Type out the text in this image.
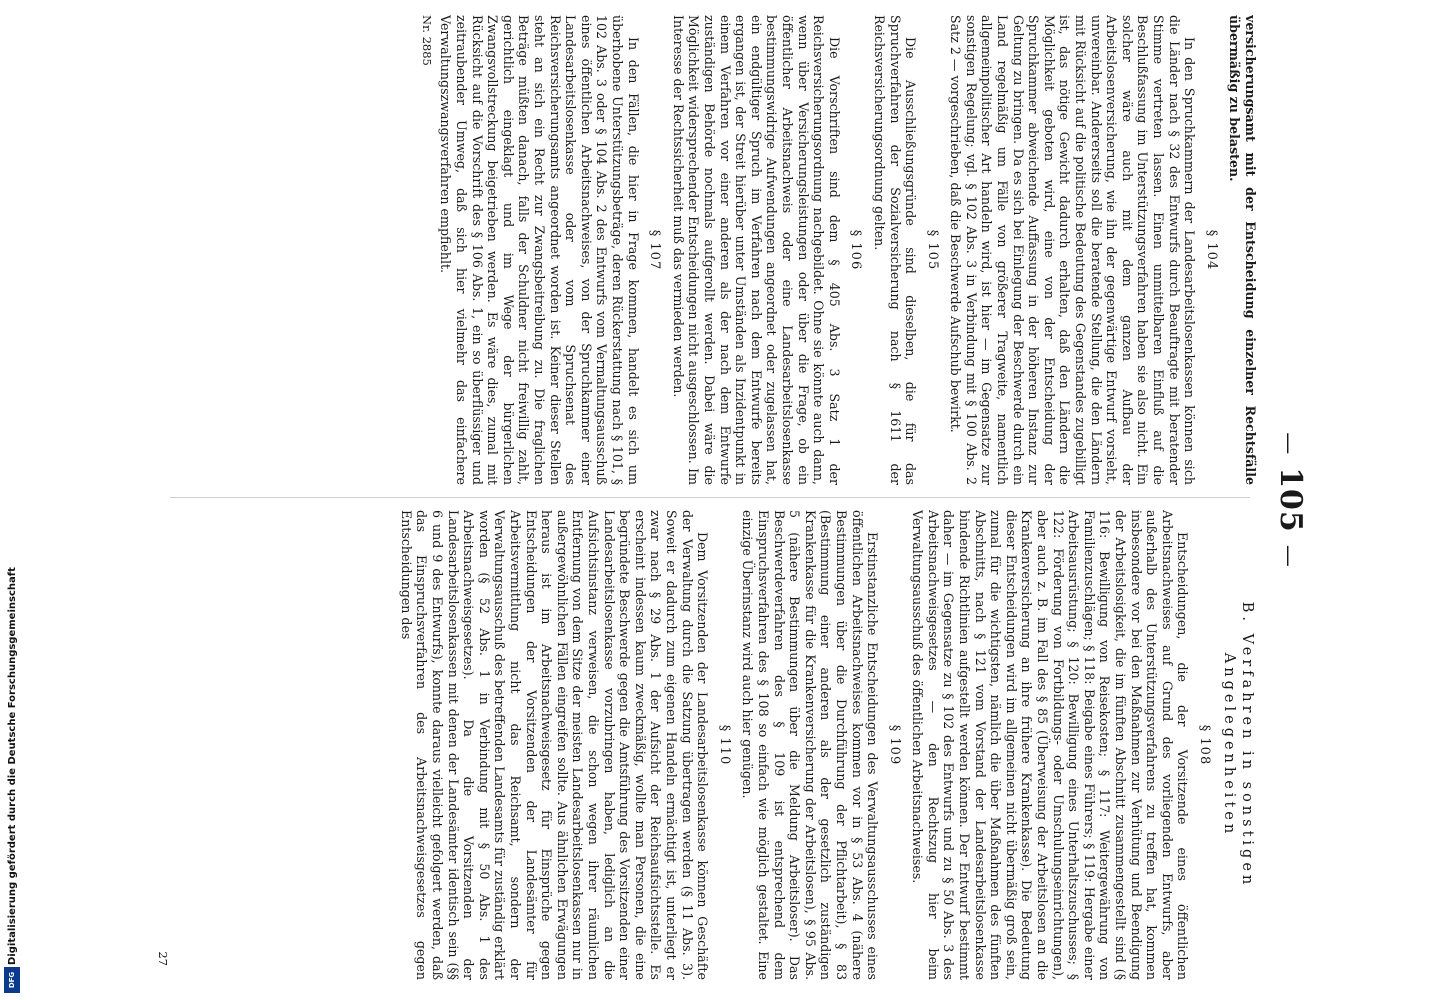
Digitalisierung gefördert durch die Deutsche Forschungsgemeinschaft
DFG
—105—

versicherungsamt mit der Entscheidung einzelner Rechtsfälle übermäßig zu belasten.

§ 104

In den Spruchkammern der Landesarbeitslosenkassen können sich die Länder nach § 32 des Entwurfs durch Beauftragte mit beratender Stimme vertreten lassen. Einen unmittelbaren Einfluß auf die Beschlußfassung im Unterstützungsverfahren haben sie also nicht. Ein solcher wäre auch mit dem ganzen Aufbau der Arbeitslosenversicherung, wie ihn der gegenwärtige Entwurf vorsieht, unvereinbar. Andererseits soll die beratende Stellung, die den Ländern mit Rücksicht auf die politische Bedeutung des Gegenstandes zugebilligt ist, das nötige Gewicht dadurch erhalten, daß den Ländern die Möglichkeit geboten wird, eine von der Entscheidung der Spruchkammer abweichende Auffassung in der höheren Instanz zur Geltung zu bringen. Da es sich bei Einlegung der Beschwerde durch ein Land regelmäßig um Fälle von größerer Tragweite, namentlich allgemeinpolitischer Art handeln wird, ist hier — im Gegensatze zur sonstigen Regelung; vgl. § 102 Abs. 3 in Verbindung mit § 100 Abs. 2 Satz 2 — vorgeschrieben, daß die Beschwerde Aufschub bewirkt.

§ 105

Die Ausschließungsgründe sind dieselben, die für das Spruchverfahren der Sozialversicherung nach § 1611 der Reichsversicherungsordnung gelten.

§ 106

Die Vorschriften sind dem § 405 Abs. 3 Satz 1 der Reichsversicherungsordnung nachgebildet. Ohne sie könnte auch dann, wenn über Versicherungsleistungen oder über die Frage, ob ein öffentlicher Arbeitsnachweis oder eine Landesarbeitslosenkasse bestimmungswidrige Aufwendungen angeordnet oder zugelassen hat, ein endgültiger Spruch im Verfahren nach dem Entwurfe bereits ergangen ist, der Streit hierüber unter Umständen als Inzidentpunkt in einem Verfahren vor einer anderen als der nach dem Entwurfe zuständigen Behörde nochmals aufgerollt werden. Dabei wäre die Möglichkeit widersprechender Entscheidungen nicht ausgeschlossen. Im Interesse der Rechtssicherheit muß das vermieden werden.

§ 107

In den Fällen, die hier in Frage kommen, handelt es sich um überhobene Unterstützungsbeträge, deren Rückerstattung nach § 101, § 102 Abs. 3 oder § 104 Abs. 2 des Entwurfs vom Vermaltungsausschuß eines öffentlichen Arbeitsnachweises, von der Spruchkammer einer Landesarbeitslosenkasse oder vom Spruchsenat des Reichsversicherungsamts angeordnet worden ist. Keiner dieser Stellen steht an sich ein Recht zur Zwangsbeitreibung zu. Die fraglichen Beträge müßten danach, falls der Schuldner nicht freiwillig zahlt, gerichtlich eingeklagt und im Wege der bürgerlichen Zwangsvollstreckung beigetrieben werden. Es wäre dies, zumal mit Rücksicht auf die Vorschrift des § 106 Abs. 1, ein so überflüssiger und zeitraubender Umweg, daß sich hier vielmehr das einfachere Verwaltungszwangsverfahren empfiehlt.

Nr. 2885
B. Verfahren in sonstigen Angelegenheiten
§ 108

Entscheidungen, die der Vorsitzende eines öffentlichen Arbeitsnachweises auf Grund des vorliegenden Entwurfs, aber außerhalb des Unterstützungsverfahrens zu treffen hat, kommen insbesondere vor bei den Maßnahmen zur Verhütung und Beendigung der Arbeitslosigkeit, die im fünften Abschnitt zusammengestellt sind (§ 116: Bewilligung von Reisekosten; § 117: Weitergewährung von Familienzuschlägen; § 118: Beigabe eines Führers; § 119: Hergabe einer Arbeitsausrüstung; § 120: Bewilligung eines Unterhaltszuschusses; § 122: Förderung von Fortbildungs- oder Umschulungseinrichtungen), aber auch z. B. im Fall des § 85 (Überweisung der Arbeitslosen an die Krankenversicherung an ihre frühere Krankenkasse). Die Bedeutung dieser Entscheidungen wird im allgemeinen nicht übermäßig groß sein, zumal für die wichtigsten, nämlich die über Maßnahmen des fünften Abschnitts, nach § 121 vom Vorstand der Landesarbeitslosenkasse bindende Richtlinien aufgestellt werden können. Der Entwurf bestimmt daher — im Gegensatze zu § 102 des Entwurfs und zu § 50 Abs. 3 des Arbeitsnachweisgesetzes — den Rechtszug hier beim Verwaltungsausschuß des öffentlichen Arbeitsnachweises.

§ 109

Erstinstanzliche Entscheidungen des Verwaltungsausschusses eines öffentlichen Arbeitsnachweises kommen vor in § 53 Abs. 4 (nähere Bestimmungen über die Durchführung der Pflichtarbeit), § 83 (Bestimmung einer anderen als der gesetzlich zuständigen Krankenkasse für die Krankenversicherung der Arbeitslosen), § 95 Abs. 5 (nähere Bestimmungen über die Meldung Arbeitsloser). Das Beschwerdeverfahren des § 109 ist entsprechend dem Einspruchsverfahren des § 108 so einfach wie möglich gestaltet. Eine einzige Überinstanz wird auch hier genügen.

§ 110

Dem Vorsitzenden der Landesarbeitslosenkasse können Geschäfte der Verwaltung durch die Satzung übertragen werden (§ 11 Abs. 3). Soweit er dadurch zum eigenen Handeln ermächtigt ist, unterliegt er zwar nach § 29 Abs. 1 der Aufsicht der Reichsaufsichtsstelle. Es erscheint indessen kaum zweckmäßig, wollte man Personen, die eine begründete Beschwerde gegen die Amtsführung des Vorsitzenden einer Landesarbeitslosenkasse vorzubringen haben, lediglich an die Aufsichtsinstanz verweisen, die schon wegen ihrer räumlichen Entfernung von dem Sitze der meisten Landesarbeitslosenkassen nur in außergewöhnlichen Fällen eingreifen sollte. Aus ähnlichen Erwägungen heraus ist im Arbeitsnachweisgesetz für Einsprüche gegen Entscheidungen der Vorsitzenden der Landesämter für Arbeitsvermittlung nicht das Reichsamt, sondern der Verwaltungsausschuß des betreffenden Landesamts für zuständig erklärt worden (§ 52 Abs. 1 in Verbindung mit § 50 Abs. 1 des Arbeitsnachweisgesetzes). Da die Vorsitzenden der Landesarbeitslosenkassen mit denen der Landesämter identisch sein (§§ 6 und 9 des Entwurfs), konnte daraus vielleicht gefolgert werden, daß das Einspruchsverfahren des Arbeitsnachweisgesetzes gegen Entscheidungen des

27
